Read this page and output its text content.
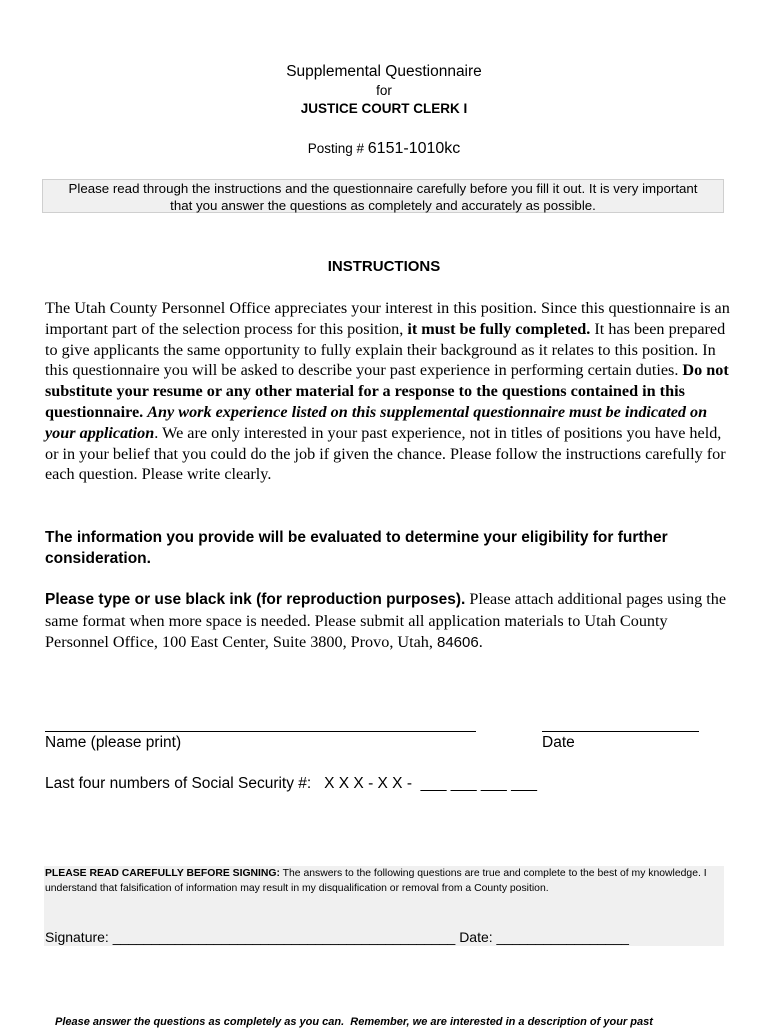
Supplemental Questionnaire
for
JUSTICE COURT CLERK I
Posting # 6151-1010kc
Please read through the instructions and the questionnaire carefully before you fill it out. It is very important
that you answer the questions as completely and accurately as possible.
INSTRUCTIONS
The Utah County Personnel Office appreciates your interest in this position. Since this questionnaire is an important part of the selection process for this position, it must be fully completed. It has been prepared to give applicants the same opportunity to fully explain their background as it relates to this position. In this questionnaire you will be asked to describe your past experience in performing certain duties. Do not substitute your resume or any other material for a response to the questions contained in this questionnaire. Any work experience listed on this supplemental questionnaire must be indicated on your application. We are only interested in your past experience, not in titles of positions you have held, or in your belief that you could do the job if given the chance. Please follow the instructions carefully for each question. Please write clearly.
The information you provide will be evaluated to determine your eligibility for further consideration.
Please type or use black ink (for reproduction purposes). Please attach additional pages using the same format when more space is needed. Please submit all application materials to Utah County Personnel Office, 100 East Center, Suite 3800, Provo, Utah, 84606.
Name (please print)	Date
Last four numbers of Social Security #:   X X X - X X -  ___ ___ ___ ___
PLEASE READ CAREFULLY BEFORE SIGNING: The answers to the following questions are true and complete to the best of my knowledge. I understand that falsification of information may result in my disqualification or removal from a County position.
Signature: ____________________________________________ Date: _________________
Please answer the questions as completely as you can.  Remember, we are interested in a description of your past
